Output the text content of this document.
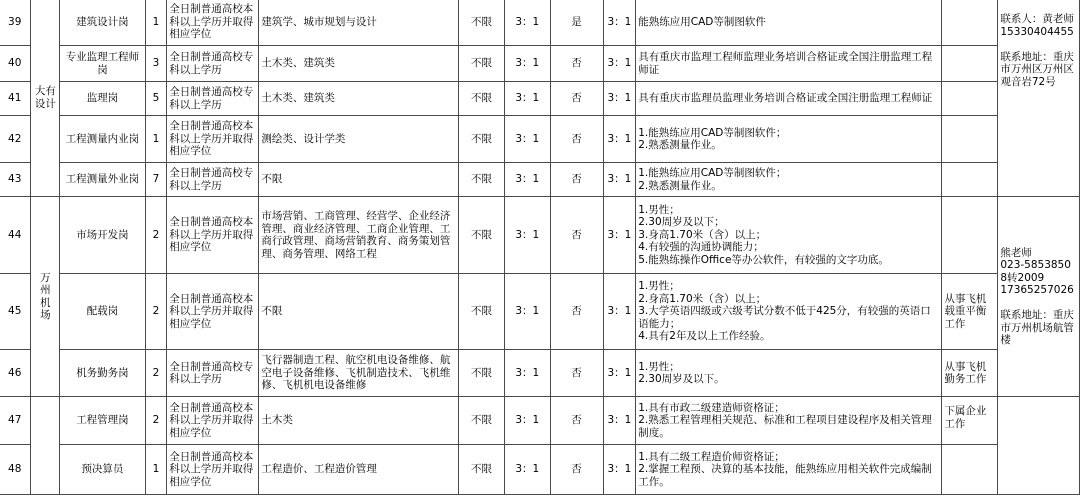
39	大有设计	建筑设计岗	1	全日制普通高校本科以上学历并取得相应学位	建筑学、城市规划与设计	不限	3：1	是	3：1	能熟练应用CAD等制图软件		联系人：黄老师
15330404455

联系地址：重庆市万州区万州区观音岩72号
40		专业监理工程师岗	3	全日制普通高校专科以上学历	土木类、建筑类	不限	3：1	否	3：1	具有重庆市监理工程师监理业务培训合格证或全国注册监理工程师证		
41		监理岗	5	全日制普通高校专科以上学历	土木类、建筑类	不限	3：1	否	3：1	具有重庆市监理员监理业务培训合格证或全国注册监理工程师证		
42		工程测量内业岗	1	全日制普通高校本科以上学历并取得相应学位	测绘类、设计学类	不限	3：1	否	3：1	1.能熟练应用CAD等制图软件；
2.熟悉测量作业。		
43		工程测量外业岗	7	全日制普通高校专科以上学历	不限	不限	3：1	否	3：1	1.能熟练应用CAD等制图软件；
2.熟悉测量作业。		
44	万州机场	市场开发岗	2	全日制普通高校本科以上学历并取得相应学位	市场营销、工商管理、经营学、企业经济管理、商业经济管理、工商企业管理、工商行政管理、商场营销教育、商务策划管理、商务管理、网络工程	不限	3：1	否	3：1	1.男性；
2.30周岁及以下；
3.身高1.70米（含）以上；
4.有较强的沟通协调能力；
5.能熟练操作Office等办公软件，有较强的文字功底。		熊老师
023-58538508转2009
17365257026

联系地址：重庆市万州机场航管楼
45		配载岗	2	全日制普通高校本科以上学历并取得相应学位	不限	不限	3：1	否	3：1	1.男性；
2.身高1.70米（含）以上；
3.大学英语四级或六级考试分数不低于425分，有较强的英语口语能力；
4.具有2年及以上工作经验。	从事飞机载重平衡工作	
46		机务勤务岗	2	全日制普通高校专科以上学历	飞行器制造工程、航空机电设备维修、航空电子设备维修、飞机制造技术、飞机维修、飞机机电设备维修	不限	3：1	否	3：1	1.男性；
2.30周岁及以下。	从事飞机勤务工作	
47		工程管理岗	2	全日制普通高校本科以上学历并取得相应学位	土木类	不限	3：1	否	3：1	1.具有市政二级建造师资格证；
2.熟悉工程管理相关规范、标准和工程项目建设程序及相关管理制度。	下属企业工作	
48		预决算员	1	全日制普通高校本科以上学历并取得相应学位	工程造价、工程造价管理	不限	3：1	否	3：1	1.具有二级工程造价师资格证；
2.掌握工程预、决算的基本技能，能熟练应用相关软件完成编制工作。		
